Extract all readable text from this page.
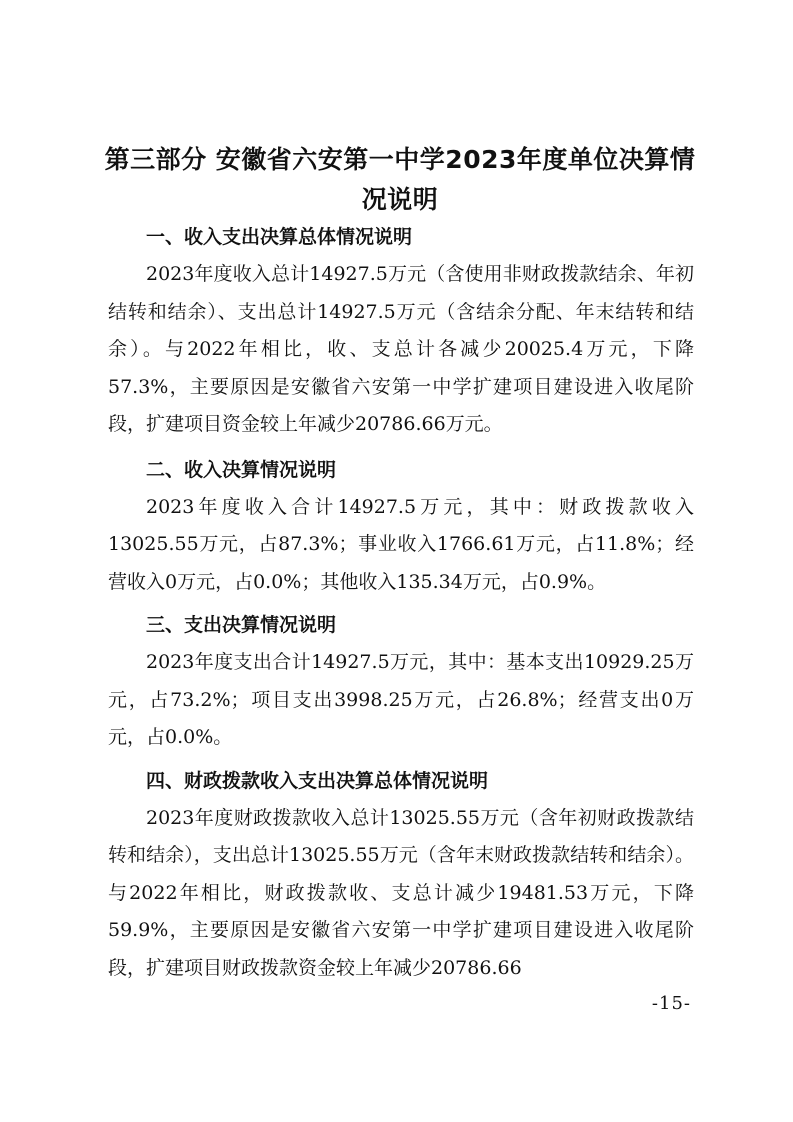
第三部分 安徽省六安第一中学2023年度单位决算情况说明
一、收入支出决算总体情况说明

2023年度收入总计14927.5万元（含使用非财政拨款结余、年初结转和结余）、支出总计14927.5万元（含结余分配、年末结转和结余）。与2022年相比，收、支总计各减少20025.4万元，下降57.3%，主要原因是安徽省六安第一中学扩建项目建设进入收尾阶段，扩建项目资金较上年减少20786.66万元。

二、收入决算情况说明

2023年度收入合计14927.5万元，其中：财政拨款收入13025.55万元，占87.3%；事业收入1766.61万元，占11.8%；经营收入0万元，占0.0%；其他收入135.34万元，占0.9%。

三、支出决算情况说明

2023年度支出合计14927.5万元，其中：基本支出10929.25万元，占73.2%；项目支出3998.25万元，占26.8%；经营支出0万元，占0.0%。

四、财政拨款收入支出决算总体情况说明

2023年度财政拨款收入总计13025.55万元（含年初财政拨款结转和结余），支出总计13025.55万元（含年末财政拨款结转和结余）。与2022年相比，财政拨款收、支总计减少19481.53万元，下降59.9%，主要原因是安徽省六安第一中学扩建项目建设进入收尾阶段，扩建项目财政拨款资金较上年减少20786.66

-15-
